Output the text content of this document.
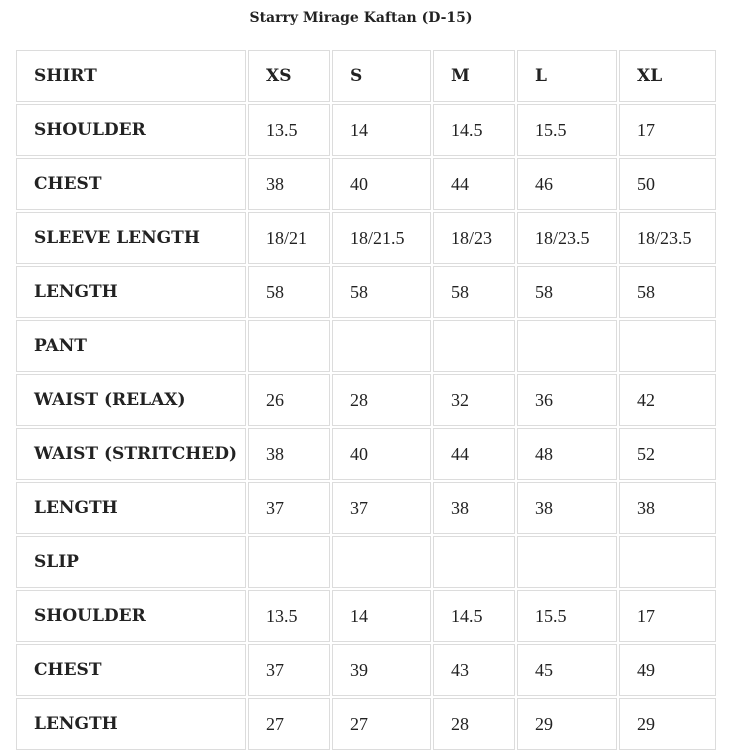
Starry Mirage Kaftan (D-15)
SHIRT	XS	S	M	L	XL
SHOULDER	13.5	14	14.5	15.5	17
CHEST	38	40	44	46	50
SLEEVE LENGTH	18/21	18/21.5	18/23	18/23.5	18/23.5
LENGTH	58	58	58	58	58
PANT					
WAIST (RELAX)	26	28	32	36	42
WAIST (STRITCHED)	38	40	44	48	52
LENGTH	37	37	38	38	38
SLIP					
SHOULDER	13.5	14	14.5	15.5	17
CHEST	37	39	43	45	49
LENGTH	27	27	28	29	29
